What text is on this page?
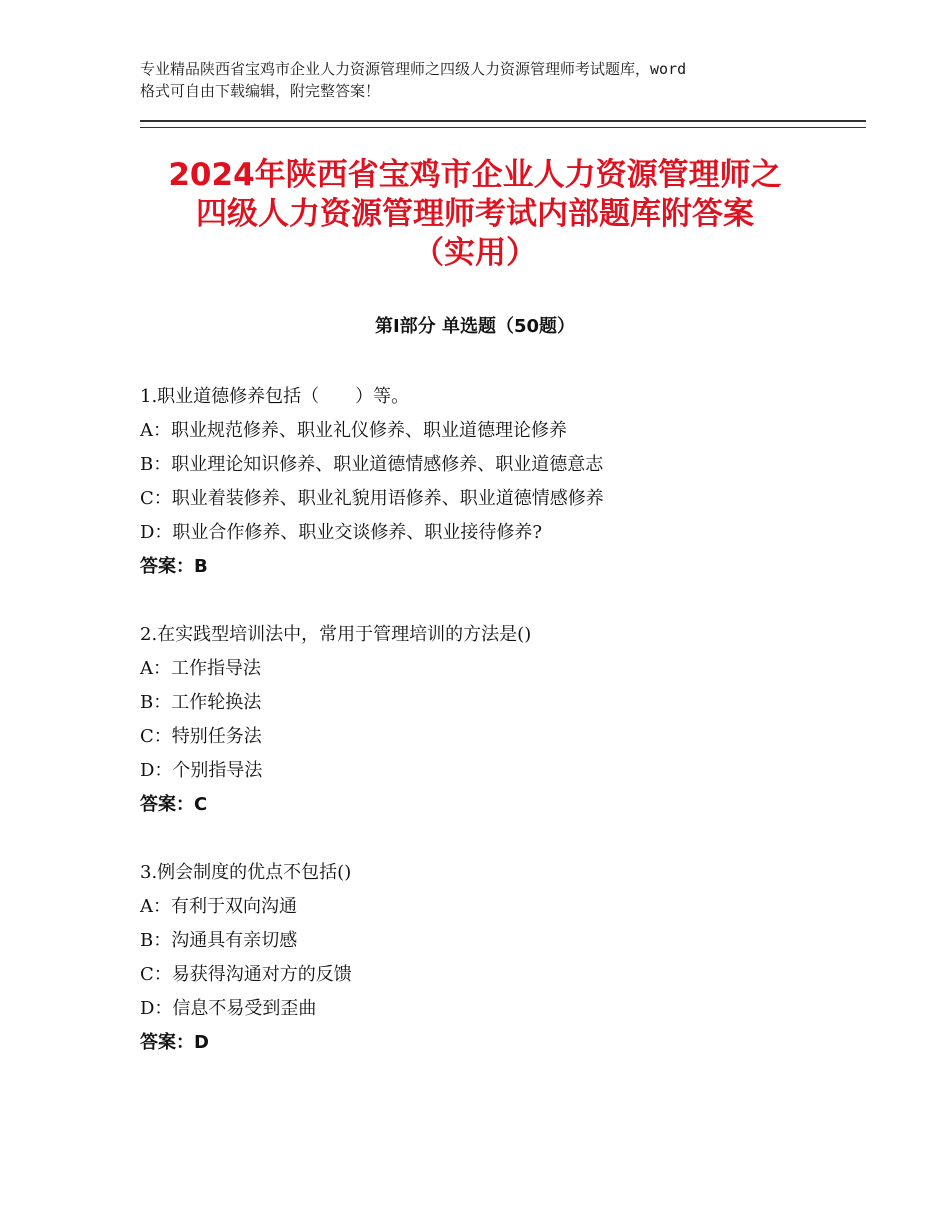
专业精品陕西省宝鸡市企业人力资源管理师之四级人力资源管理师考试题库，word
格式可自由下载编辑，附完整答案！
2024年陕西省宝鸡市企业人力资源管理师之
四级人力资源管理师考试内部题库附答案
（实用）
第Ⅰ部分 单选题（50题）
1.职业道德修养包括（　　）等。
A：职业规范修养、职业礼仪修养、职业道德理论修养
B：职业理论知识修养、职业道德情感修养、职业道德意志
C：职业着装修养、职业礼貌用语修养、职业道德情感修养
D：职业合作修养、职业交谈修养、职业接待修养?
答案：B
2.在实践型培训法中，常用于管理培训的方法是()
A：工作指导法
B：工作轮换法
C：特别任务法
D：个别指导法
答案：C
3.例会制度的优点不包括()
A：有利于双向沟通
B：沟通具有亲切感
C：易获得沟通对方的反馈
D：信息不易受到歪曲
答案：D
